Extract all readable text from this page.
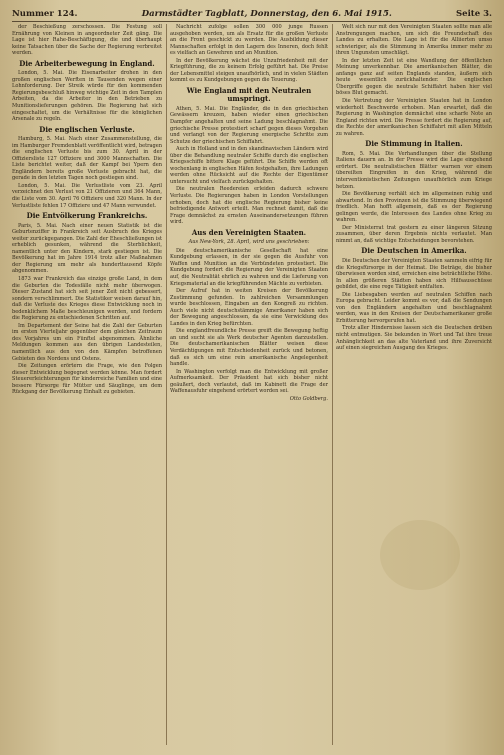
Nummer 124.	Darmstädter Tagblatt, Donnerstag, den 6. Mai 1915.	Seite 3.

der Beschießung zerschossen. Die Festung soll Ernährung von Kleinen in angeordneter Zeit gäng. Die Lage ist hier Rahe-Beschäftigung, die und überhaupt keine Tatsachen über die Sache der Regierung verbreitet werden.

Die Arbeiterbewegung in England.

London, 5. Mai. Die Eisenarbeiter drohen in den großen englischen Werften in Tausenden wegen einer Lohnforderung. Der Streik würde für den kommenden Regierungsbeschluß hinweg wichtige Zeit in den Tamplen Arbeiten, da die Arbeiter in den Betrieben zu Munitionslieferungen gehören. Die Regierung hat sich eingeschaltet, um die Verhältnisse für die königlichen Arsenale zu regeln.

Die englischen Verluste.

Hamburg, 5. Mai. Nach einer Zusammenstellung, die im Hamburger Fremdenblatt veröffentlicht wird, betragen die englischen Verluste bis zum 30. April in der Offiziersliste 127 Offiziere und 3000 Mannschaften. Die Liste berichtet weiter, daß der Kampf bei Ypern den Engländern bereits große Verluste gebracht hat, die gerade in den letzten Tagen noch gestiegen sind.

London, 5. Mai. Die Verlustliste vom 23. April verzeichnet den Verlust von 21 Offizieren und 364 Mann, die Liste vom 30. April 76 Offiziere und 320 Mann. In der Verlustliste fehlen 17 Offiziere und 47 Mann verwundet.

Die Entvölkerung Frankreichs.

Paris, 5. Mai. Nach einer neuen Statistik ist die Geburtenziffer in Frankreich seit Ausbruch des Krieges weiter zurückgegangen. Die Zahl der Eheschließungen ist erheblich gesunken, während die Sterblichkeit, namentlich unter den Kindern, stark gestiegen ist. Die Bevölkerung hat im Jahre 1914 trotz aller Maßnahmen der Regierung um mehr als hunderttausend Köpfe abgenommen.

1873 war Frankreich das einzige große Land, in dem die Geburten die Todesfälle nicht mehr überwogen. Dieser Zustand hat sich seit jener Zeit nicht gebessert, sondern verschlimmert. Die Statistiker weisen darauf hin, daß die Verluste des Krieges diese Entwicklung noch in bedenklichem Maße beschleunigen werden, und fordern die Regierung zu entschiedenen Schritten auf.

Im Departement der Seine hat die Zahl der Geburten im ersten Vierteljahr gegenüber dem gleichen Zeitraum des Vorjahres um ein Fünftel abgenommen. Ähnliche Meldungen kommen aus den übrigen Landesteilen, namentlich aus den von den Kämpfen betroffenen Gebieten des Nordens und Ostens.

Die Zeitungen erörtern die Frage, wie den Folgen dieser Entwicklung begegnet werden könne. Man fordert Steuererleichterungen für kinderreiche Familien und eine bessere Fürsorge für Mütter und Säuglinge, um dem Rückgang der Bevölkerung Einhalt zu gebieten.

Nachricht zufolge sollen 300 000 junge Russen ausgehoben werden, um als Ersatz für die großen Verluste an die Front geschickt zu werden. Die Ausbildung dieser Mannschaften erfolgt in den Lagern des Inneren, doch fehlt es vielfach an Gewehren und an Munition.

In der Bevölkerung wächst die Unzufriedenheit mit der Kriegführung, die zu keinem Erfolg geführt hat. Die Preise der Lebensmittel steigen unaufhörlich, und in vielen Städten kommt es zu Kundgebungen gegen die Teuerung.

Wie England mit den Neutralen umspringt.

Athen, 5. Mai. Die Engländer, die in den griechischen Gewässern kreuzen, haben wieder einen griechischen Dampfer angehalten und seine Ladung beschlagnahmt. Die griechische Presse protestiert scharf gegen dieses Vorgehen und verlangt von der Regierung energische Schritte zum Schutze der griechischen Schiffahrt.

Auch in Holland und in den skandinavischen Ländern wird über die Behandlung neutraler Schiffe durch die englischen Kriegsschiffe bittere Klage geführt. Die Schiffe werden oft wochenlang in englischen Häfen festgehalten, ihre Ladungen werden ohne Rücksicht auf die Rechte der Eigentümer untersucht und vielfach zurückgehalten.

Die neutralen Reedereien erleiden dadurch schwere Verluste. Die Regierungen haben in London Vorstellungen erhoben, doch hat die englische Regierung bisher keine befriedigende Antwort erteilt. Man rechnet damit, daß die Frage demnächst zu ernsten Auseinandersetzungen führen wird.

Aus den Vereinigten Staaten.
Aus New-York, 28. April, wird uns geschrieben:

Die deutschamerikanische Gesellschaft hat eine Kundgebung erlassen, in der sie gegen die Ausfuhr von Waffen und Munition an die Verbündeten protestiert. Die Kundgebung fordert die Regierung der Vereinigten Staaten auf, die Neutralität ehrlich zu wahren und die Lieferung von Kriegsmaterial an die kriegführenden Mächte zu verbieten.

Der Aufruf hat in weiten Kreisen der Bevölkerung Zustimmung gefunden. In zahlreichen Versammlungen wurde beschlossen, Eingaben an den Kongreß zu richten. Auch viele nicht deutschstämmige Amerikaner haben sich der Bewegung angeschlossen, da sie eine Verwicklung des Landes in den Krieg befürchten.

Die englandfreundliche Presse greift die Bewegung heftig an und sucht sie als Werk deutscher Agenten darzustellen. Die deutschamerikanischen Blätter weisen diese Verdächtigungen mit Entschiedenheit zurück und betonen, daß es sich um eine rein amerikanische Angelegenheit handle.

In Washington verfolgt man die Entwicklung mit großer Aufmerksamkeit. Der Präsident hat sich bisher nicht geäußert, doch verlautet, daß im Kabinett die Frage der Waffenausfuhr eingehend erörtert worden sei.

Otto Goldberg.

Welt sich nur mit den Vereinigten Staaten sollte man alle Anstrengungen machen, um sich die Freundschaft des Landes zu erhalten. Die Lage ist für die Alliierten umso schwieriger, als die Stimmung in Amerika immer mehr zu ihren Ungunsten umschlägt.

In der letzten Zeit ist eine Wandlung der öffentlichen Meinung unverkennbar. Die amerikanischen Blätter, die anfangs ganz auf seiten Englands standen, äußern sich heute wesentlich zurückhaltender. Die englischen Übergriffe gegen die neutrale Schiffahrt haben hier viel böses Blut gemacht.

Die Vertretung der Vereinigten Staaten hat in London wiederholt Beschwerde erhoben. Man erwartet, daß die Regierung in Washington demnächst eine scharfe Note an England richten wird. Die Presse fordert die Regierung auf, die Rechte der amerikanischen Schiffahrt mit allen Mitteln zu wahren.

Die Stimmung in Italien.

Rom, 5. Mai. Die Verhandlungen über die Stellung Italiens dauern an. In der Presse wird die Lage eingehend erörtert. Die neutralistischen Blätter warnen vor einem übereilten Eingreifen in den Krieg, während die interventionistischen Zeitungen unaufhörlich zum Kriege hetzen.

Die Bevölkerung verhält sich im allgemeinen ruhig und abwartend. In den Provinzen ist die Stimmung überwiegend friedlich. Man hofft allgemein, daß es der Regierung gelingen werde, die Interessen des Landes ohne Krieg zu wahren.

Der Ministerrat trat gestern zu einer längeren Sitzung zusammen, über deren Ergebnis nichts verlautet. Man nimmt an, daß wichtige Entscheidungen bevorstehen.

Die Deutschen in Amerika.

Die Deutschen der Vereinigten Staaten sammeln eifrig für die Kriegsfürsorge in der Heimat. Die Beträge, die bisher überwiesen worden sind, erreichen eine beträchtliche Höhe. In allen größeren Städten haben sich Hilfsausschüsse gebildet, die eine rege Tätigkeit entfalten.

Die Liebesgaben werden auf neutralen Schiffen nach Europa gebracht. Leider kommt es vor, daß die Sendungen von den Engländern angehalten und beschlagnahmt werden, was in den Kreisen der Deutschamerikaner große Erbitterung hervorgerufen hat.

Trotz aller Hindernisse lassen sich die Deutschen drüben nicht entmutigen. Sie bekunden in Wort und Tat ihre treue Anhänglichkeit an das alte Vaterland und ihre Zuversicht auf einen siegreichen Ausgang des Krieges.
